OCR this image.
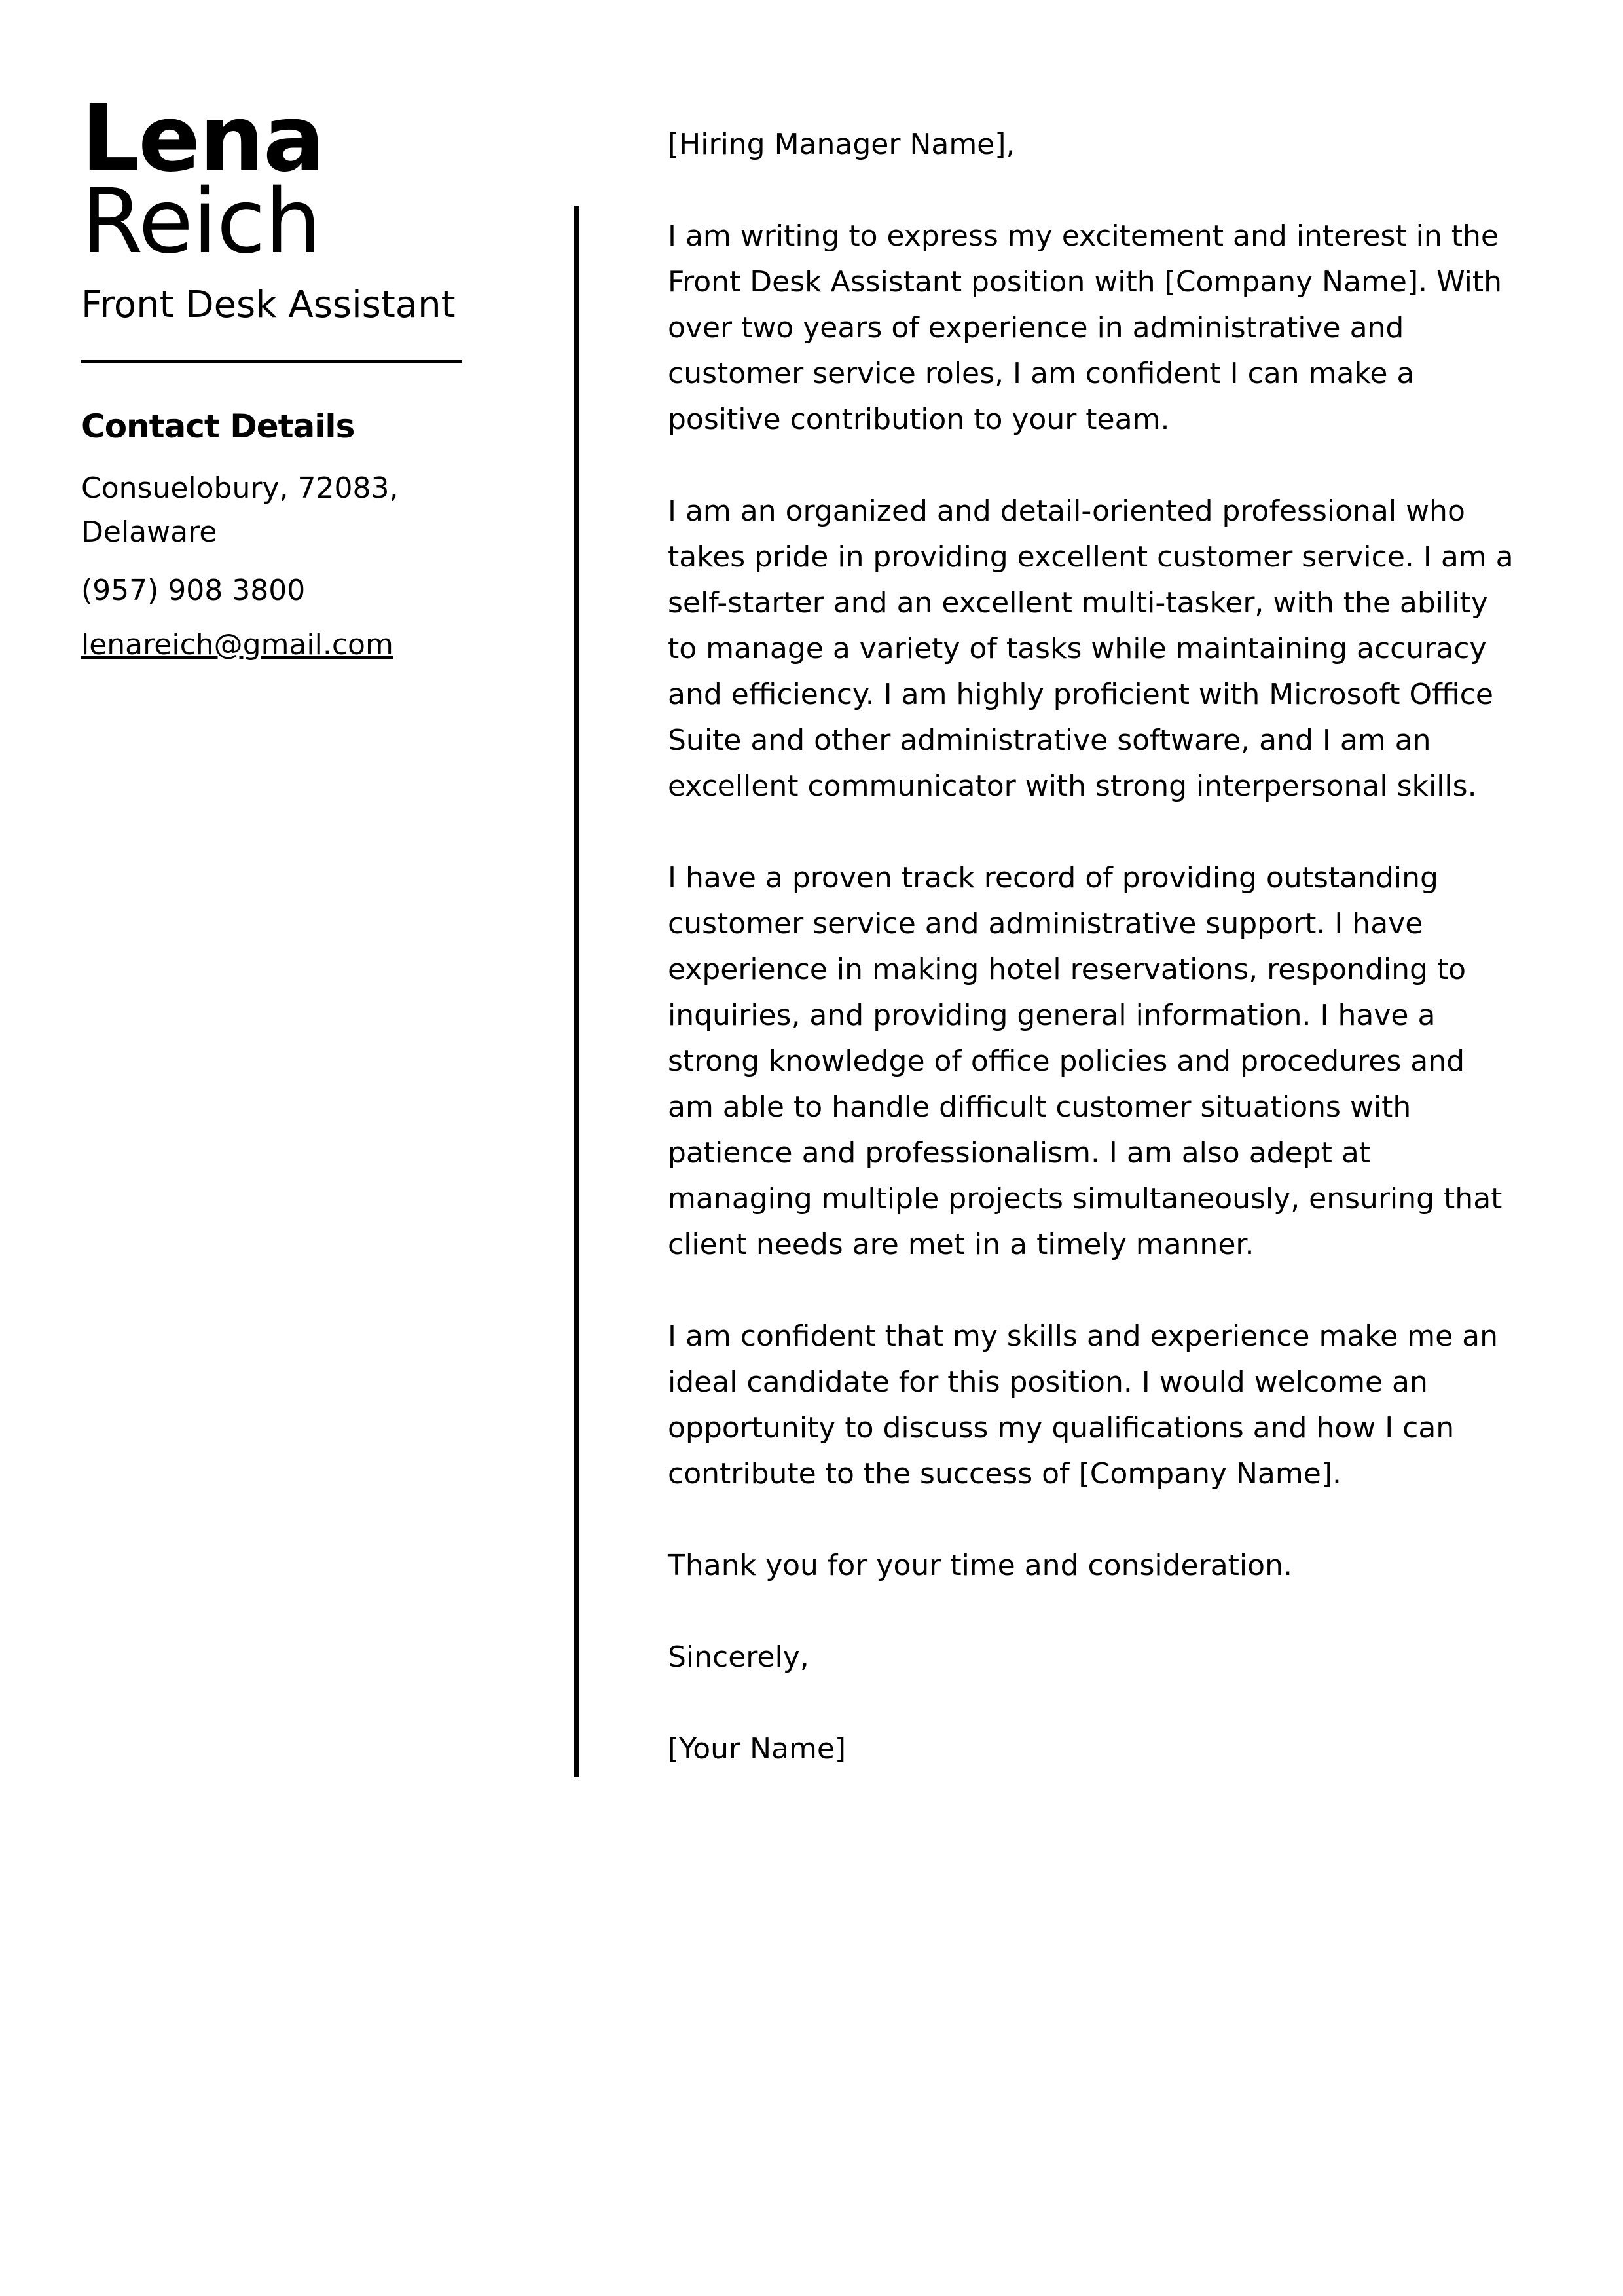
Lena
Reich
Front Desk Assistant
Contact Details
Consuelobury, 72083, Delaware
(957) 908 3800
lenareich@gmail.com

[Hiring Manager Name],

I am writing to express my excitement and interest in the Front Desk Assistant position with [Company Name]. With over two years of experience in administrative and customer service roles, I am confident I can make a positive contribution to your team.

I am an organized and detail-oriented professional who takes pride in providing excellent customer service. I am a self-starter and an excellent multi-tasker, with the ability to manage a variety of tasks while maintaining accuracy and efficiency. I am highly proficient with Microsoft Office Suite and other administrative software, and I am an excellent communicator with strong interpersonal skills.

I have a proven track record of providing outstanding customer service and administrative support. I have experience in making hotel reservations, responding to inquiries, and providing general information. I have a strong knowledge of office policies and procedures and am able to handle difficult customer situations with patience and professionalism. I am also adept at managing multiple projects simultaneously, ensuring that client needs are met in a timely manner.

I am confident that my skills and experience make me an ideal candidate for this position. I would welcome an opportunity to discuss my qualifications and how I can contribute to the success of [Company Name].

Thank you for your time and consideration.

Sincerely,

[Your Name]
